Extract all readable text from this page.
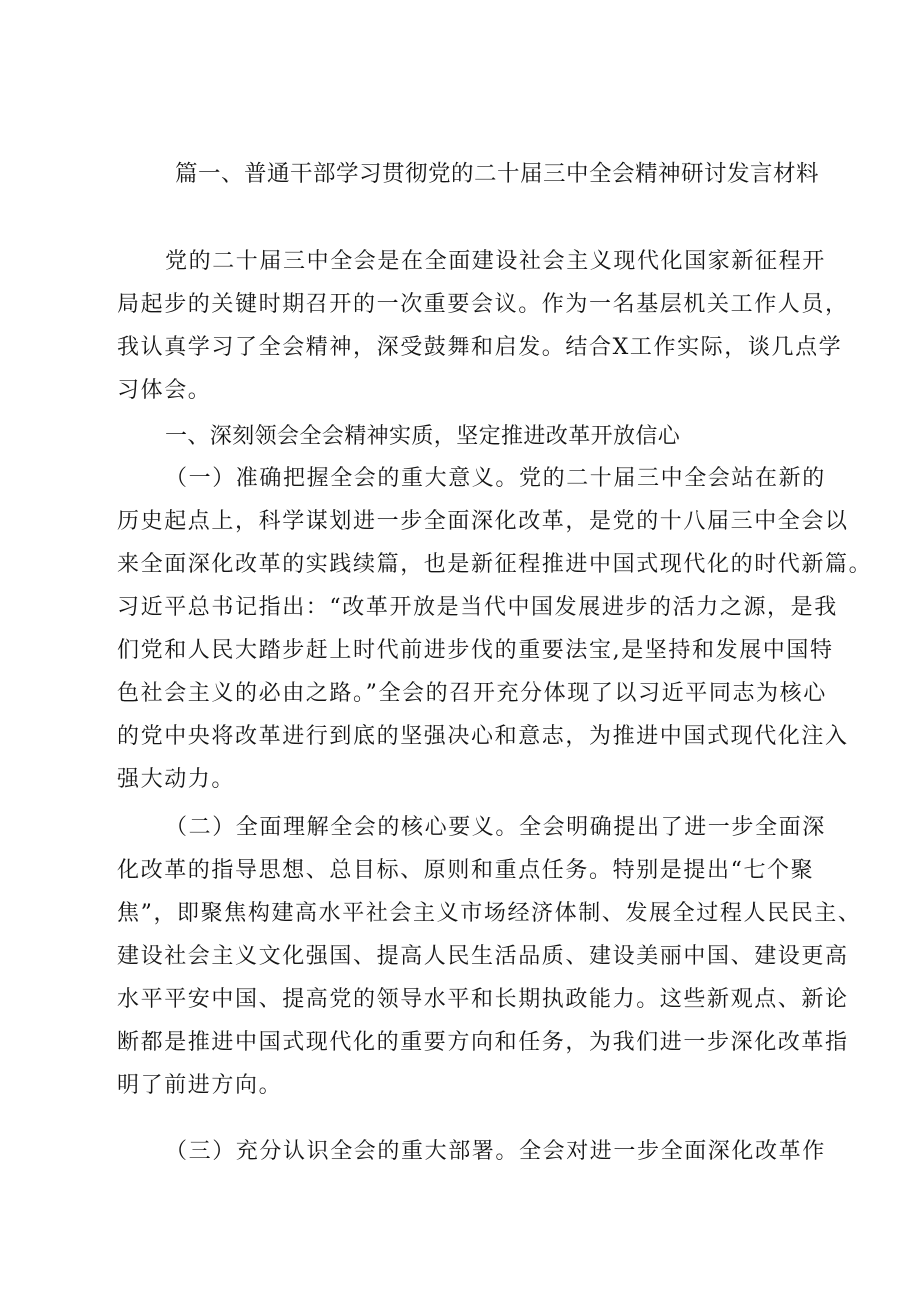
篇一、普通干部学习贯彻党的二十届三中全会精神研讨发言材料
党的二十届三中全会是在全面建设社会主义现代化国家新征程开
局起步的关键时期召开的一次重要会议。作为一名基层机关工作人员，
我认真学习了全会精神，深受鼓舞和启发。结合X工作实际，谈几点学
习体会。
一、深刻领会全会精神实质，坚定推进改革开放信心
（一）准确把握全会的重大意义。党的二十届三中全会站在新的
历史起点上，科学谋划进一步全面深化改革，是党的十八届三中全会以
来全面深化改革的实践续篇，也是新征程推进中国式现代化的时代新篇。
习近平总书记指出：“改革开放是当代中国发展进步的活力之源，是我
们党和人民大踏步赶上时代前进步伐的重要法宝,是坚持和发展中国特
色社会主义的必由之路。”全会的召开充分体现了以习近平同志为核心
的党中央将改革进行到底的坚强决心和意志，为推进中国式现代化注入
强大动力。
（二）全面理解全会的核心要义。全会明确提出了进一步全面深
化改革的指导思想、总目标、原则和重点任务。特别是提出“七个聚
焦”，即聚焦构建高水平社会主义市场经济体制、发展全过程人民民主、
建设社会主义文化强国、提高人民生活品质、建设美丽中国、建设更高
水平平安中国、提高党的领导水平和长期执政能力。这些新观点、新论
断都是推进中国式现代化的重要方向和任务，为我们进一步深化改革指
明了前进方向。
（三）充分认识全会的重大部署。全会对进一步全面深化改革作
